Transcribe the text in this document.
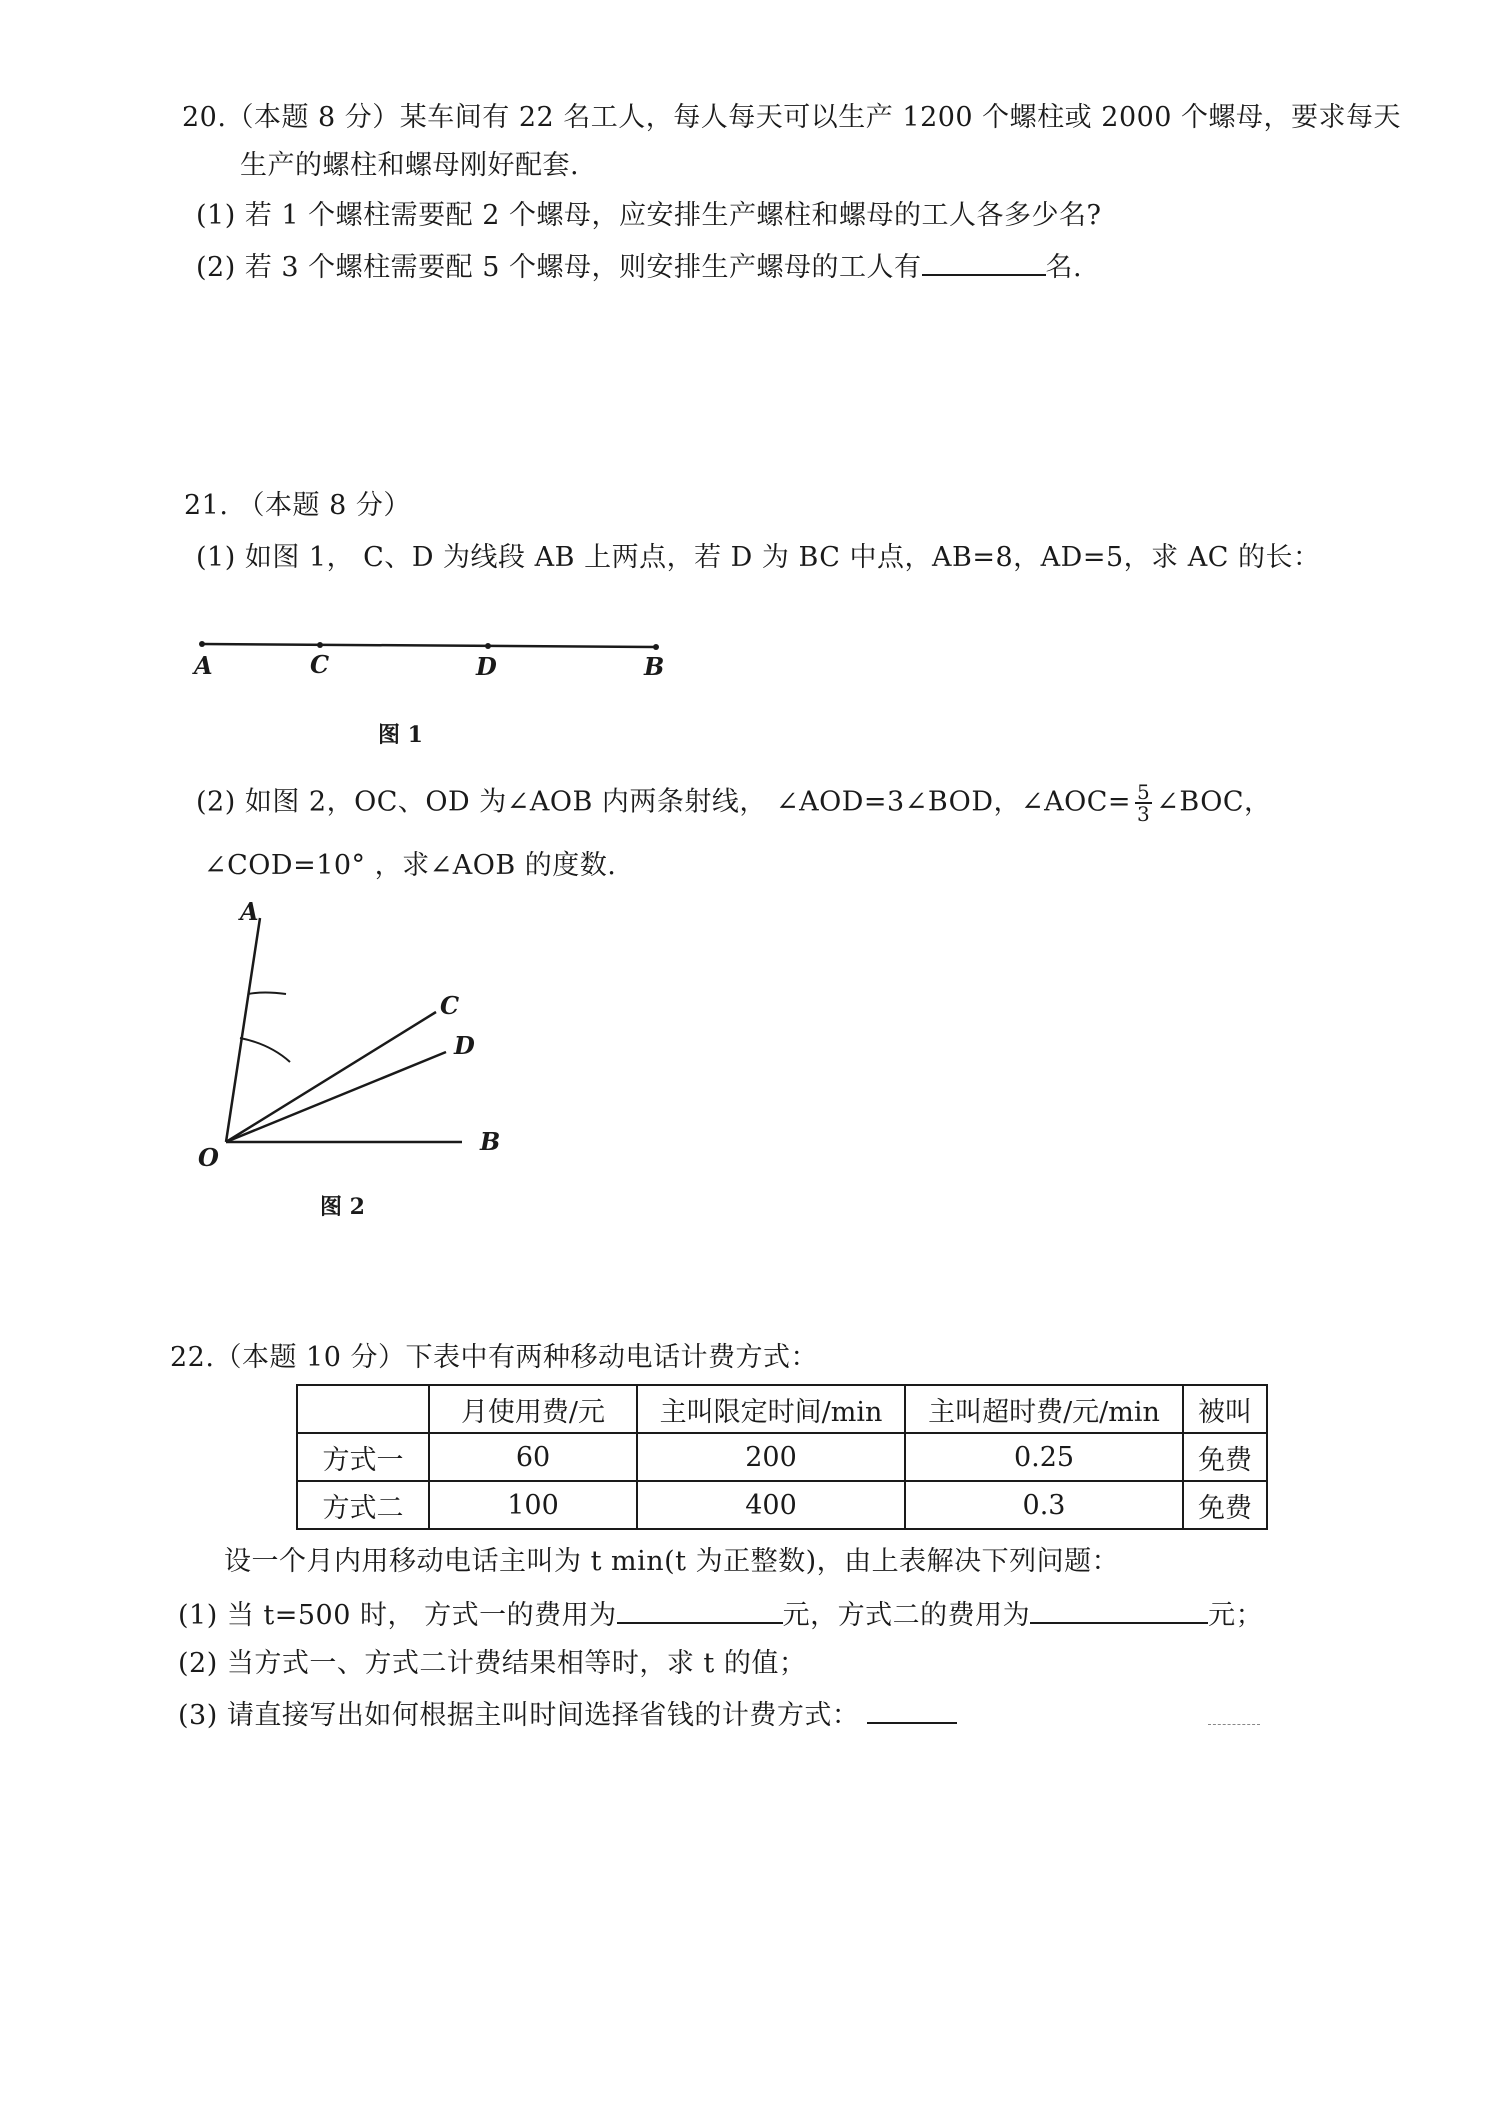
20.（本题 8 分）某车间有 22 名工人，每人每天可以生产 1200 个螺柱或 2000 个螺母，要求每天
生产的螺柱和螺母刚好配套.
(1) 若 1 个螺柱需要配 2 个螺母，应安排生产螺柱和螺母的工人各多少名?
(2) 若 3 个螺柱需要配 5 个螺母，则安排生产螺母的工人有	名.
21. （本题 8 分）
(1) 如图 1， C、D 为线段 AB 上两点，若 D 为 BC 中点，AB=8，AD=5，求 AC 的长：
A	C	D	B
图 1
(2) 如图 2，OC、OD 为∠AOB 内两条射线， ∠AOD=3∠BOD，∠AOC= $\frac{5}{3}$ ∠BOC，
∠COD=10° ，求∠AOB 的度数.
A
C
D
O
B
图 2
22.（本题 10 分）下表中有两种移动电话计费方式：
	月使用费/元	主叫限定时间/min	主叫超时费/元/min	被叫
方式一	60	200	0.25	免费
方式二	100	400	0.3	免费
设一个月内用移动电话主叫为 t min(t 为正整数)，由上表解决下列问题：
(1) 当 t=500 时， 方式一的费用为	元，方式二的费用为	元；
(2) 当方式一、方式二计费结果相等时，求 t 的值；
(3) 请直接写出如何根据主叫时间选择省钱的计费方式：
